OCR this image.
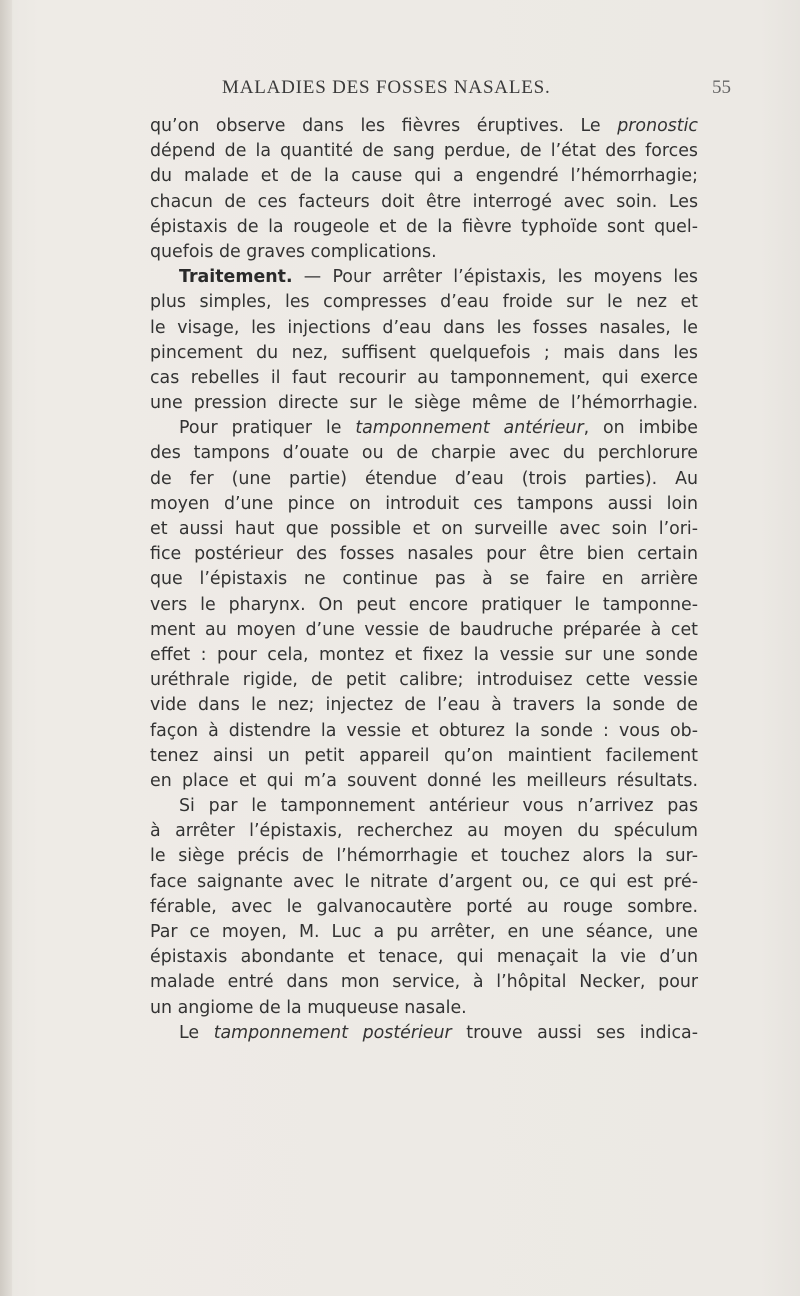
MALADIES DES FOSSES NASALES.	55
qu’on observe dans les fièvres éruptives. Le pronostic
dépend de la quantité de sang perdue, de l’état des forces
du malade et de la cause qui a engendré l’hémorrhagie;
chacun de ces facteurs doit être interrogé avec soin. Les
épistaxis de la rougeole et de la fièvre typhoïde sont quel-
quefois de graves complications.
Traitement. — Pour arrêter l’épistaxis, les moyens les
plus simples, les compresses d’eau froide sur le nez et
le visage, les injections d’eau dans les fosses nasales, le
pincement du nez, suffisent quelquefois ; mais dans les
cas rebelles il faut recourir au tamponnement, qui exerce
une pression directe sur le siège même de l’hémorrhagie.
Pour pratiquer le tamponnement antérieur, on imbibe
des tampons d’ouate ou de charpie avec du perchlorure
de fer (une partie) étendue d’eau (trois parties). Au
moyen d’une pince on introduit ces tampons aussi loin
et aussi haut que possible et on surveille avec soin l’ori-
fice postérieur des fosses nasales pour être bien certain
que l’épistaxis ne continue pas à se faire en arrière
vers le pharynx. On peut encore pratiquer le tamponne-
ment au moyen d’une vessie de baudruche préparée à cet
effet : pour cela, montez et fixez la vessie sur une sonde
uréthrale rigide, de petit calibre; introduisez cette vessie
vide dans le nez; injectez de l’eau à travers la sonde de
façon à distendre la vessie et obturez la sonde : vous ob-
tenez ainsi un petit appareil qu’on maintient facilement
en place et qui m’a souvent donné les meilleurs résultats.
Si par le tamponnement antérieur vous n’arrivez pas
à arrêter l’épistaxis, recherchez au moyen du spéculum
le siège précis de l’hémorrhagie et touchez alors la sur-
face saignante avec le nitrate d’argent ou, ce qui est pré-
férable, avec le galvanocautère porté au rouge sombre.
Par ce moyen, M. Luc a pu arrêter, en une séance, une
épistaxis abondante et tenace, qui menaçait la vie d’un
malade entré dans mon service, à l’hôpital Necker, pour
un angiome de la muqueuse nasale.
Le tamponnement postérieur trouve aussi ses indica-
